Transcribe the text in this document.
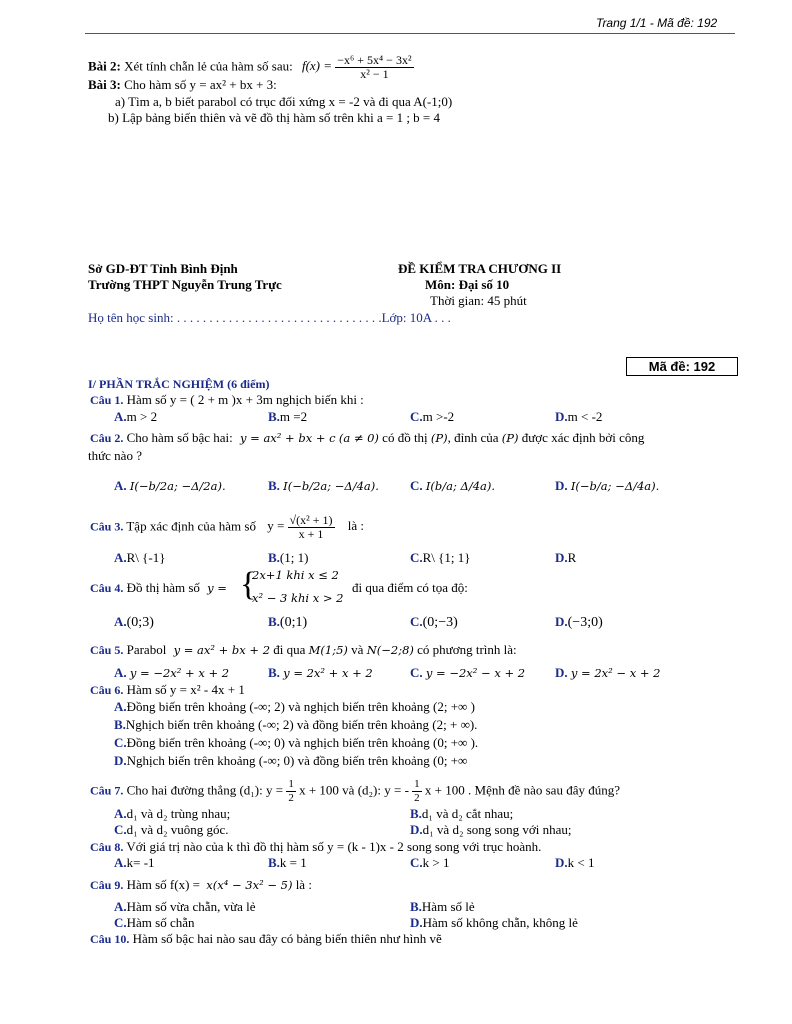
Trang 1/1 - Mã đề: 192
Bài 2: Xét tính chẵn lẻ của hàm số sau: $f(x) = \frac{\text{−x⁶ + 5x⁴ − 3x²}}{\text{x² − 1}}$
Bài 3: Cho hàm số y = ax² + bx + 3:
a) Tìm a, b biết parabol có trục đối xứng x = -2 và đi qua A(-1;0)
b) Lập bảng biến thiên và vẽ đồ thị hàm số trên khi a = 1 ; b = 4
Sở GD-ĐT Tỉnh Bình Định
Trường THPT Nguyễn Trung Trực
ĐỀ KIỂM TRA CHƯƠNG II
Môn: Đại số 10
Thời gian: 45 phút
Họ tên học sinh: . . . . . . . . . . . . . . . . . . . . . . . . . . . . . . . .Lớp: 10A . . .
Mã đề: 192
I/ PHẦN TRẮC NGHIỆM (6 điểm)
Câu 1. Hàm số y = ( 2 + m )x + 3m nghịch biến khi :
A.m > 2	B.m =2	C.m >-2	D.m < -2
Câu 2. Cho hàm số bậc hai: y = ax² + bx + c (a ≠ 0) có đồ thị (P), đỉnh của (P) được xác định bởi công
thức nào ?
A. I(−b/2a; −Δ/2a).	B. I(−b/2a; −Δ/4a). C. I(b/a; Δ/4a).	D. I(−b/a; −Δ/4a).
Câu 3. Tập xác định của hàm số $y = \frac{\text{√(x² + 1)}}{x + 1}$ là :
A.R\ {-1}	B.(1; 1)	C.R\ {1; 1}	D.R
Câu 4. Đồ thị hàm số y = {
2x+1 khi x ≤ 2
x² − 3 khi x > 2
đi qua điểm có tọa độ:
A.(0;3)	B.(0;1)	C.(0;−3)	D.(−3;0)
Câu 5. Parabol y = ax² + bx + 2 đi qua M(1;5) và N(−2;8) có phương trình là:
A. y = −2x² + x + 2	B. y = 2x² + x + 2	C. y = −2x² − x + 2 D. y = 2x² − x + 2
Câu 6. Hàm số y = x² - 4x + 1
A.Đồng biến trên khoảng (-∞; 2) và nghịch biến trên khoảng (2; +∞ )
B.Nghịch biến trên khoảng (-∞; 2) và đồng biến trên khoảng (2; + ∞).
C.Đồng biến trên khoảng (-∞; 0) và nghịch biến trên khoảng (0; +∞ ).
D.Nghịch biến trên khoảng (-∞; 0) và đồng biến trên khoảng (0; +∞
Câu 7. Cho hai đường thẳng (d₁): $y = \frac{1}{2}$ x + 100 và (d₂): y = - $\frac{1}{2}$ x + 100 . Mệnh đề nào sau đây đúng?
A.d₁ và d₂ trùng nhau;	B.d₁ và d₂ cắt nhau;
C.d₁ và d₂ vuông góc.	D.d₁ và d₂ song song với nhau;
Câu 8. Với giá trị nào của k thì đồ thị hàm số y = (k - 1)x - 2 song song với trục hoành.
A.k= -1	B.k = 1	C.k > 1	D.k < 1
Câu 9. Hàm số f(x) = x(x⁴ − 3x² − 5) là :
A.Hàm số vừa chẵn, vừa lẻ	B.Hàm số lẻ
C.Hàm số chẵn	D.Hàm số không chẵn, không lẻ
Câu 10. Hàm số bậc hai nào sau đây có bảng biến thiên như hình vẽ
